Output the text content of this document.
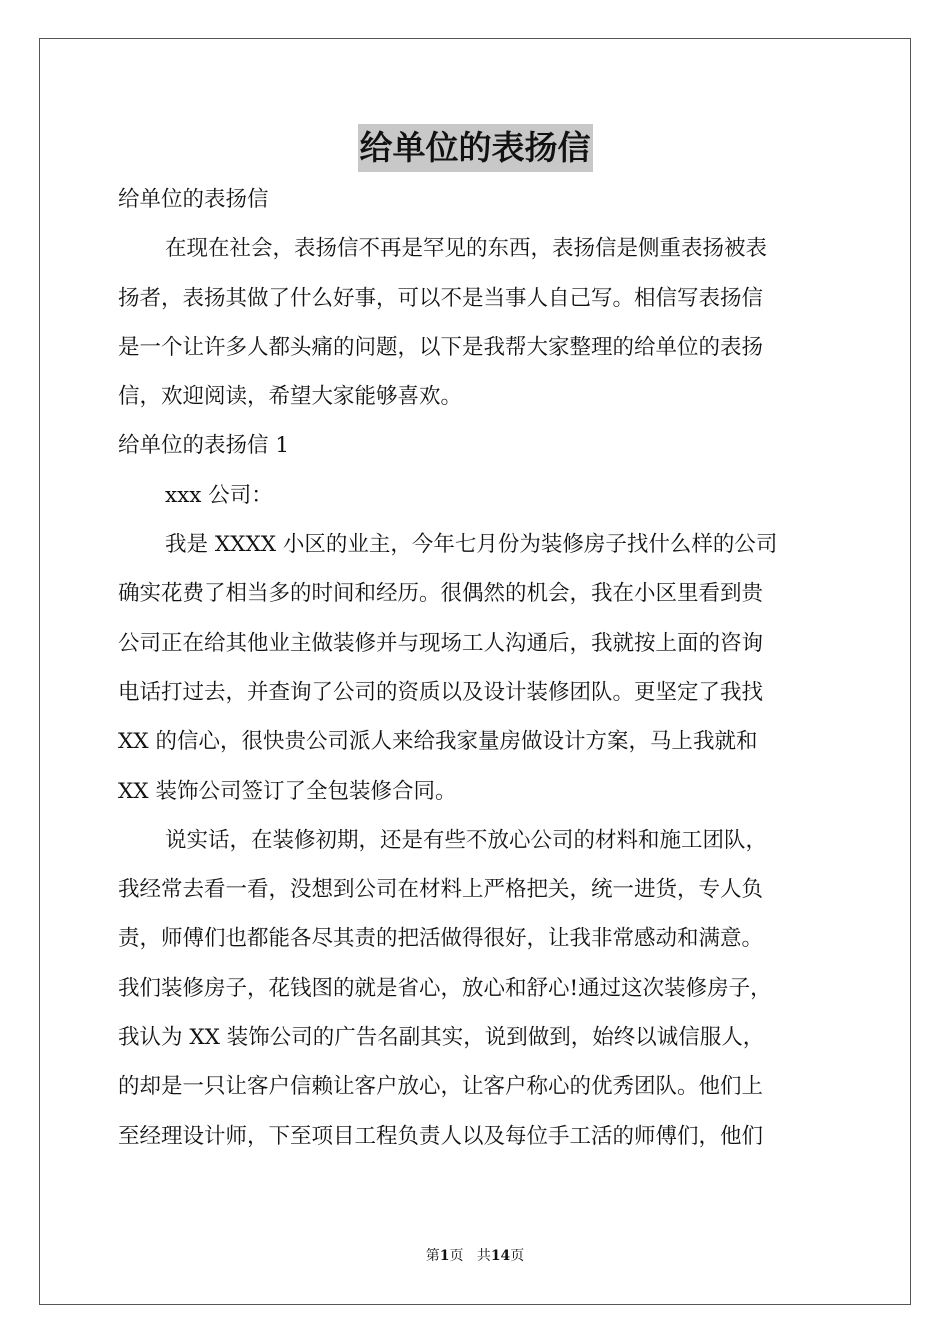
给单位的表扬信

给单位的表扬信

在现在社会，表扬信不再是罕见的东西，表扬信是侧重表扬被表

扬者，表扬其做了什么好事，可以不是当事人自己写。相信写表扬信

是一个让许多人都头痛的问题，以下是我帮大家整理的给单位的表扬

信，欢迎阅读，希望大家能够喜欢。

给单位的表扬信 1

xxx 公司：

我是 XXXX 小区的业主，今年七月份为装修房子找什么样的公司

确实花费了相当多的时间和经历。很偶然的机会，我在小区里看到贵

公司正在给其他业主做装修并与现场工人沟通后，我就按上面的咨询

电话打过去，并查询了公司的资质以及设计装修团队。更坚定了我找

XX 的信心，很快贵公司派人来给我家量房做设计方案，马上我就和

XX 装饰公司签订了全包装修合同。

说实话，在装修初期，还是有些不放心公司的材料和施工团队，

我经常去看一看，没想到公司在材料上严格把关，统一进货，专人负

责，师傅们也都能各尽其责的把活做得很好，让我非常感动和满意。

我们装修房子，花钱图的就是省心，放心和舒心!通过这次装修房子，

我认为 XX 装饰公司的广告名副其实，说到做到，始终以诚信服人，

的却是一只让客户信赖让客户放心，让客户称心的优秀团队。他们上

至经理设计师，下至项目工程负责人以及每位手工活的师傅们，他们

第1页 共14页
